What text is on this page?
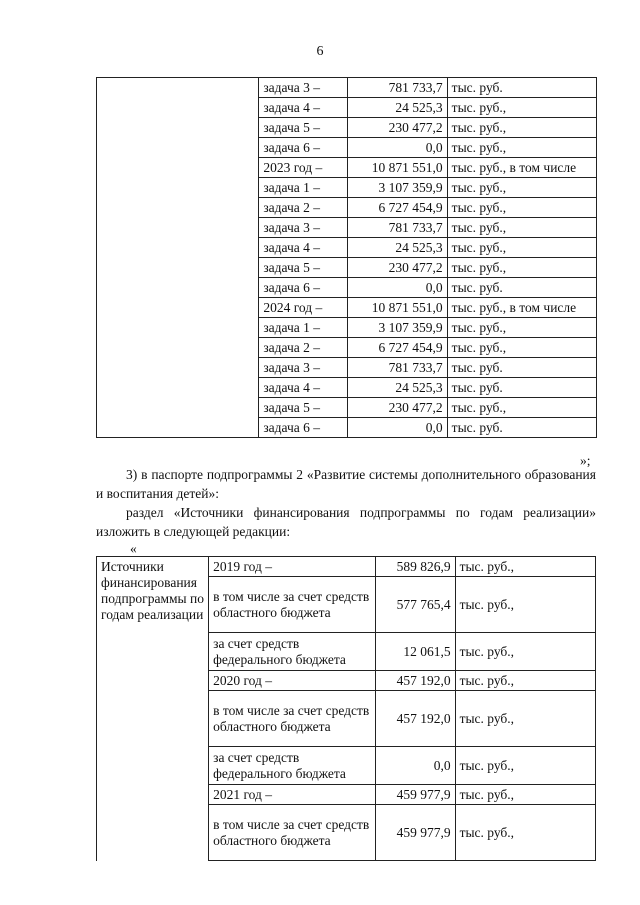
6
	задача 3 –	781 733,7	тыс. руб.
	задача 4 –	24 525,3	тыс. руб.,
	задача 5 –	230 477,2	тыс. руб.,
	задача 6 –	0,0	тыс. руб.,
	2023 год –	10 871 551,0	тыс. руб., в том числе
	задача 1 –	3 107 359,9	тыс. руб.,
	задача 2 –	6 727 454,9	тыс. руб.,
	задача 3 –	781 733,7	тыс. руб.,
	задача 4 –	24 525,3	тыс. руб.,
	задача 5 –	230 477,2	тыс. руб.,
	задача 6 –	0,0	тыс. руб.
	2024 год –	10 871 551,0	тыс. руб., в том числе
	задача 1 –	3 107 359,9	тыс. руб.,
	задача 2 –	6 727 454,9	тыс. руб.,
	задача 3 –	781 733,7	тыс. руб.
	задача 4 –	24 525,3	тыс. руб.
	задача 5 –	230 477,2	тыс. руб.,
	задача 6 –	0,0	тыс. руб.
»;
3) в паспорте подпрограммы 2 «Развитие системы дополнительного образования и воспитания детей»:
раздел «Источники финансирования подпрограммы по годам реализации» изложить в следующей редакции:
«
Источники финансирования подпрограммы по годам реализации	2019 год –	589 826,9	тыс. руб.,
	в том числе за счет средств областного бюджета	577 765,4	тыс. руб.,
	за счет средств федерального бюджета	12 061,5	тыс. руб.,
	2020 год –	457 192,0	тыс. руб.,
	в том числе за счет средств областного бюджета	457 192,0	тыс. руб.,
	за счет средств федерального бюджета	0,0	тыс. руб.,
	2021 год –	459 977,9	тыс. руб.,
	в том числе за счет средств областного бюджета	459 977,9	тыс. руб.,
